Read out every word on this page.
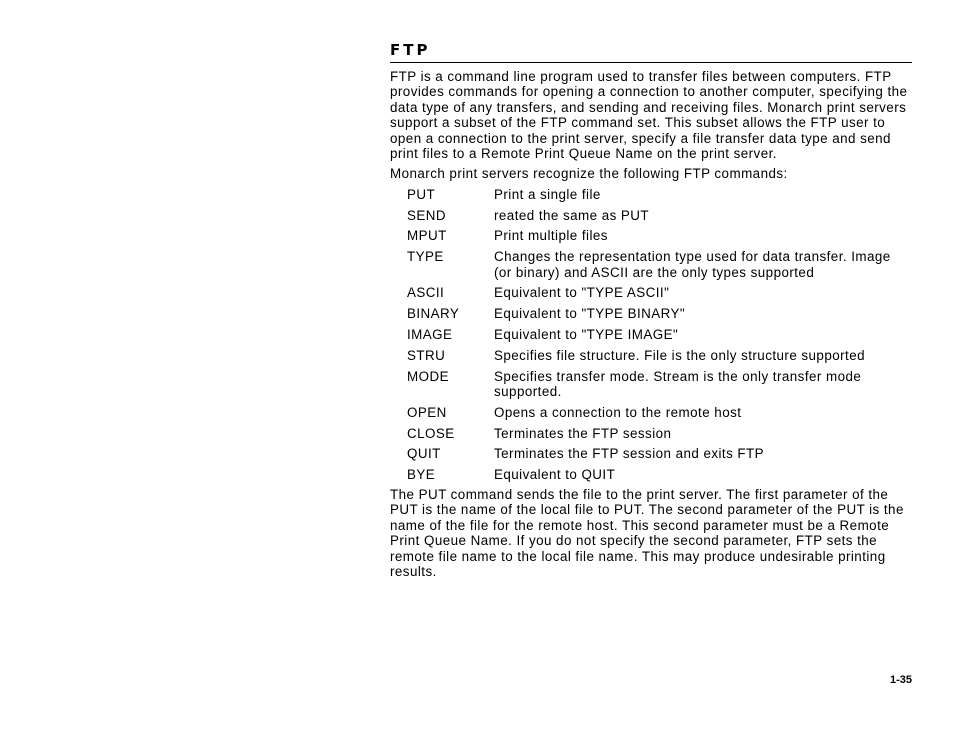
FTP

FTP is a command line program used to transfer files between computers. FTP provides commands for opening a connection to another computer, specifying the data type of any transfers, and sending and receiving files. Monarch print servers support a subset of the FTP command set. This subset allows the FTP user to open a connection to the print server, specify a file transfer data type and send print files to a Remote Print Queue Name on the print server.

Monarch print servers recognize the following FTP commands:

PUT	Print a single file
SEND	reated the same as PUT
MPUT	Print multiple files
TYPE	Changes the representation type used for data transfer. Image (or binary) and ASCII are the only types supported
ASCII	Equivalent to "TYPE ASCII"
BINARY	Equivalent to "TYPE BINARY"
IMAGE	Equivalent to "TYPE IMAGE"
STRU	Specifies file structure. File is the only structure supported
MODE	Specifies transfer mode. Stream is the only transfer mode supported.
OPEN	Opens a connection to the remote host
CLOSE	Terminates the FTP session
QUIT	Terminates the FTP session and exits FTP
BYE	Equivalent to QUIT

The PUT command sends the file to the print server. The first parameter of the PUT is the name of the local file to PUT. The second parameter of the PUT is the name of the file for the remote host. This second parameter must be a Remote Print Queue Name. If you do not specify the second parameter, FTP sets the remote file name to the local file name. This may produce undesirable printing results.

1-35
